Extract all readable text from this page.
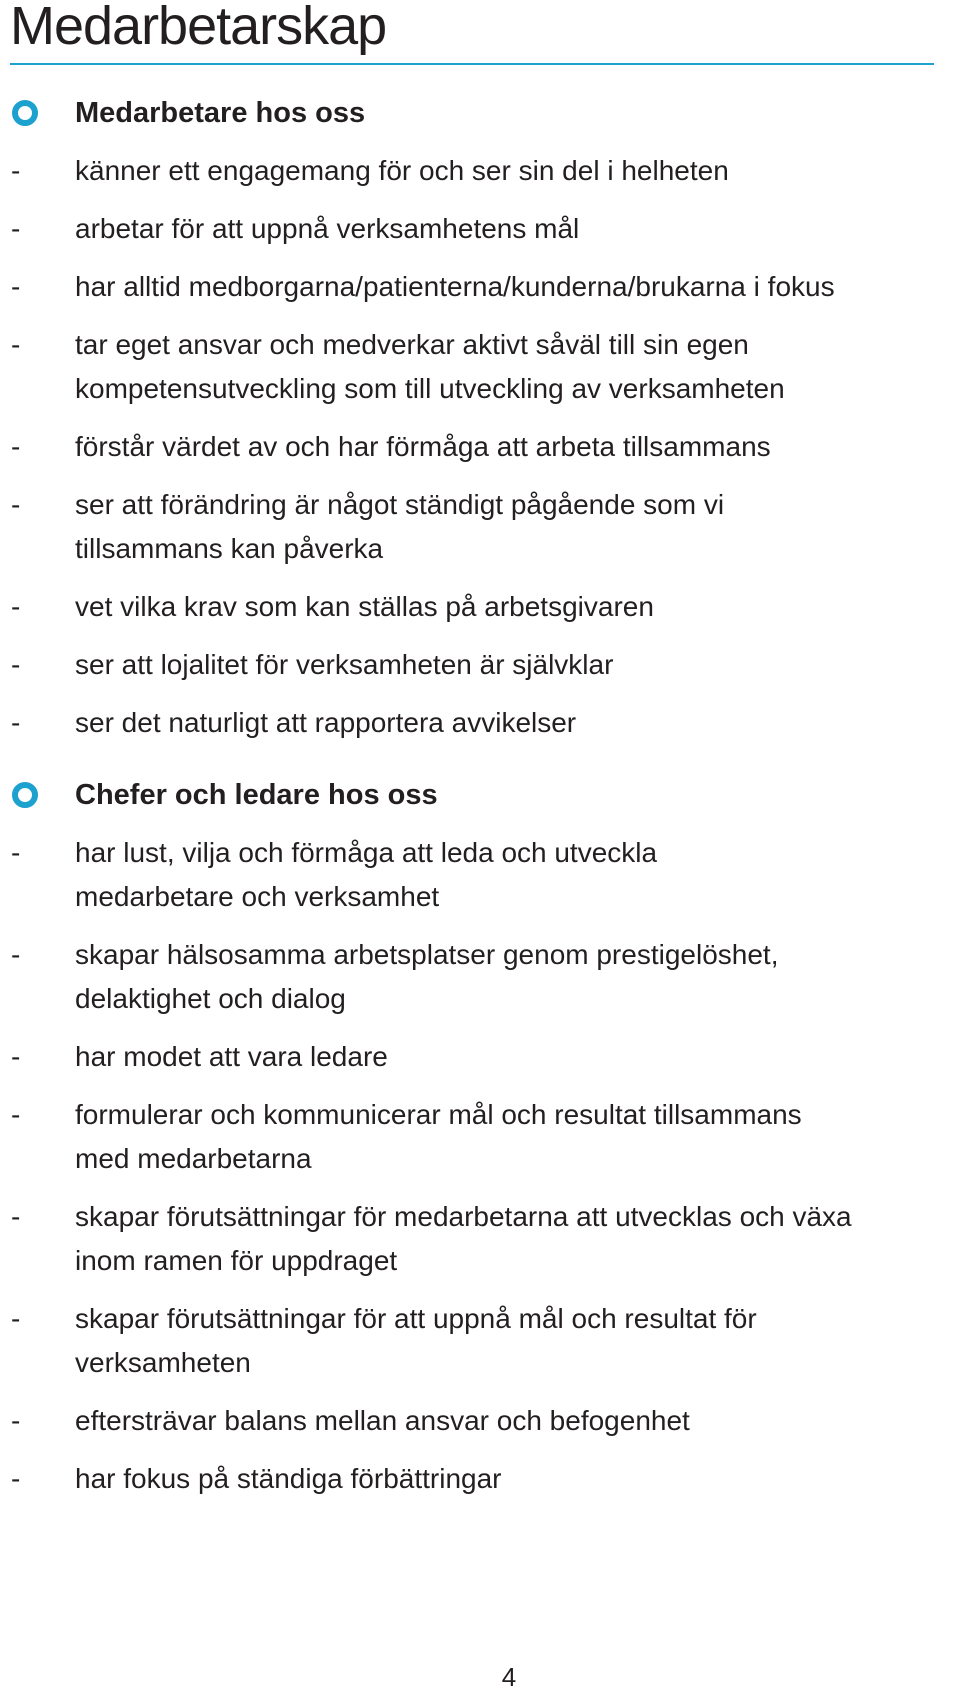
Medarbetarskap
Medarbetare hos oss
- känner ett engagemang för och ser sin del i helheten
- arbetar för att uppnå verksamhetens mål
- har alltid medborgarna/patienterna/kunderna/brukarna i fokus
- tar eget ansvar och medverkar aktivt såväl till sin egen
kompetensutveckling som till utveckling av verksamheten
- förstår värdet av och har förmåga att arbeta tillsammans
- ser att förändring är något ständigt pågående som vi
tillsammans kan påverka
- vet vilka krav som kan ställas på arbetsgivaren
- ser att lojalitet för verksamheten är självklar
- ser det naturligt att rapportera avvikelser
Chefer och ledare hos oss
- har lust, vilja och förmåga att leda och utveckla
medarbetare och verksamhet
- skapar hälsosamma arbetsplatser genom prestigelöshet,
delaktighet och dialog
- har modet att vara ledare
- formulerar och kommunicerar mål och resultat tillsammans
med medarbetarna
- skapar förutsättningar för medarbetarna att utvecklas och växa
inom ramen för uppdraget
- skapar förutsättningar för att uppnå mål och resultat för
verksamheten
- eftersträvar balans mellan ansvar och befogenhet
- har fokus på ständiga förbättringar
4
